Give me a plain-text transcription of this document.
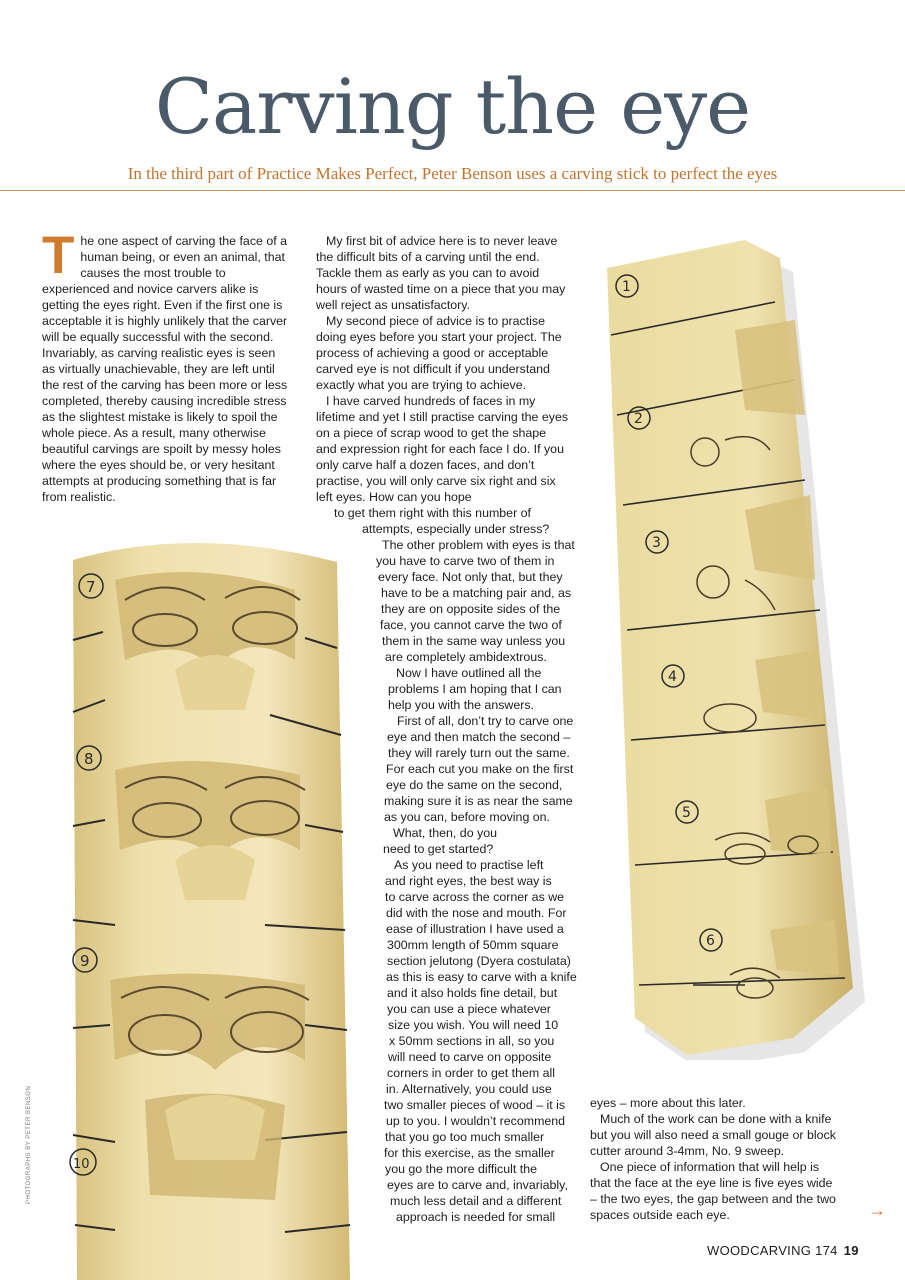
Carving the eye
In the third part of Practice Makes Perfect, Peter Benson uses a carving stick to perfect the eyes

The one aspect of carving the face of a human being, or even an animal, that causes the most trouble to experienced and novice carvers alike is getting the eyes right. Even if the first one is acceptable it is highly unlikely that the carver will be equally successful with the second. Invariably, as carving realistic eyes is seen as virtually unachievable, they are left until the rest of the carving has been more or less completed, thereby causing incredible stress as the slightest mistake is likely to spoil the whole piece. As a result, many otherwise beautiful carvings are spoilt by messy holes where the eyes should be, or very hesitant attempts at producing something that is far from realistic.

My first bit of advice here is to never leave the difficult bits of a carving until the end. Tackle them as early as you can to avoid hours of wasted time on a piece that you may well reject as unsatisfactory.

My second piece of advice is to practise doing eyes before you start your project. The process of achieving a good or acceptable carved eye is not difficult if you understand exactly what you are trying to achieve.

I have carved hundreds of faces in my lifetime and yet I still practise carving the eyes on a piece of scrap wood to get the shape and expression right for each face I do. If you only carve half a dozen faces, and don’t practise, you will only carve six right and six left eyes. How can you hope

to get them right with this number of
attempts, especially under stress?
The other problem with eyes is that
you have to carve two of them in
every face. Not only that, but they
have to be a matching pair and, as
they are on opposite sides of the
face, you cannot carve the two of
them in the same way unless you
are completely ambidextrous.
Now I have outlined all the
problems I am hoping that I can
help you with the answers.
First of all, don’t try to carve one
eye and then match the second –
they will rarely turn out the same.
For each cut you make on the first
eye do the same on the second,
making sure it is as near the same
as you can, before moving on.
What, then, do you
need to get started?
As you need to practise left
and right eyes, the best way is
to carve across the corner as we
did with the nose and mouth. For
ease of illustration I have used a
300mm length of 50mm square
section jelutong (Dyera costulata)
as this is easy to carve with a knife
and it also holds fine detail, but
you can use a piece whatever
size you wish. You will need 10
x 50mm sections in all, so you
will need to carve on opposite
corners in order to get them all
in. Alternatively, you could use
two smaller pieces of wood – it is
up to you. I wouldn’t recommend
that you go too much smaller
for this exercise, as the smaller
you go the more difficult the
eyes are to carve and, invariably,
much less detail and a different
approach is needed for small

eyes – more about this later.

Much of the work can be done with a knife but you will also need a small gouge or block cutter around 3-4mm, No. 9 sweep.

One piece of information that will help is that the face at the eye line is five eyes wide – the two eyes, the gap between and the two spaces outside each eye.

7
8
9
10
1
2
3
4
5
6
PHOTOGRAPHS BY PETER BENSON
→
WOODCARVING 174 19
